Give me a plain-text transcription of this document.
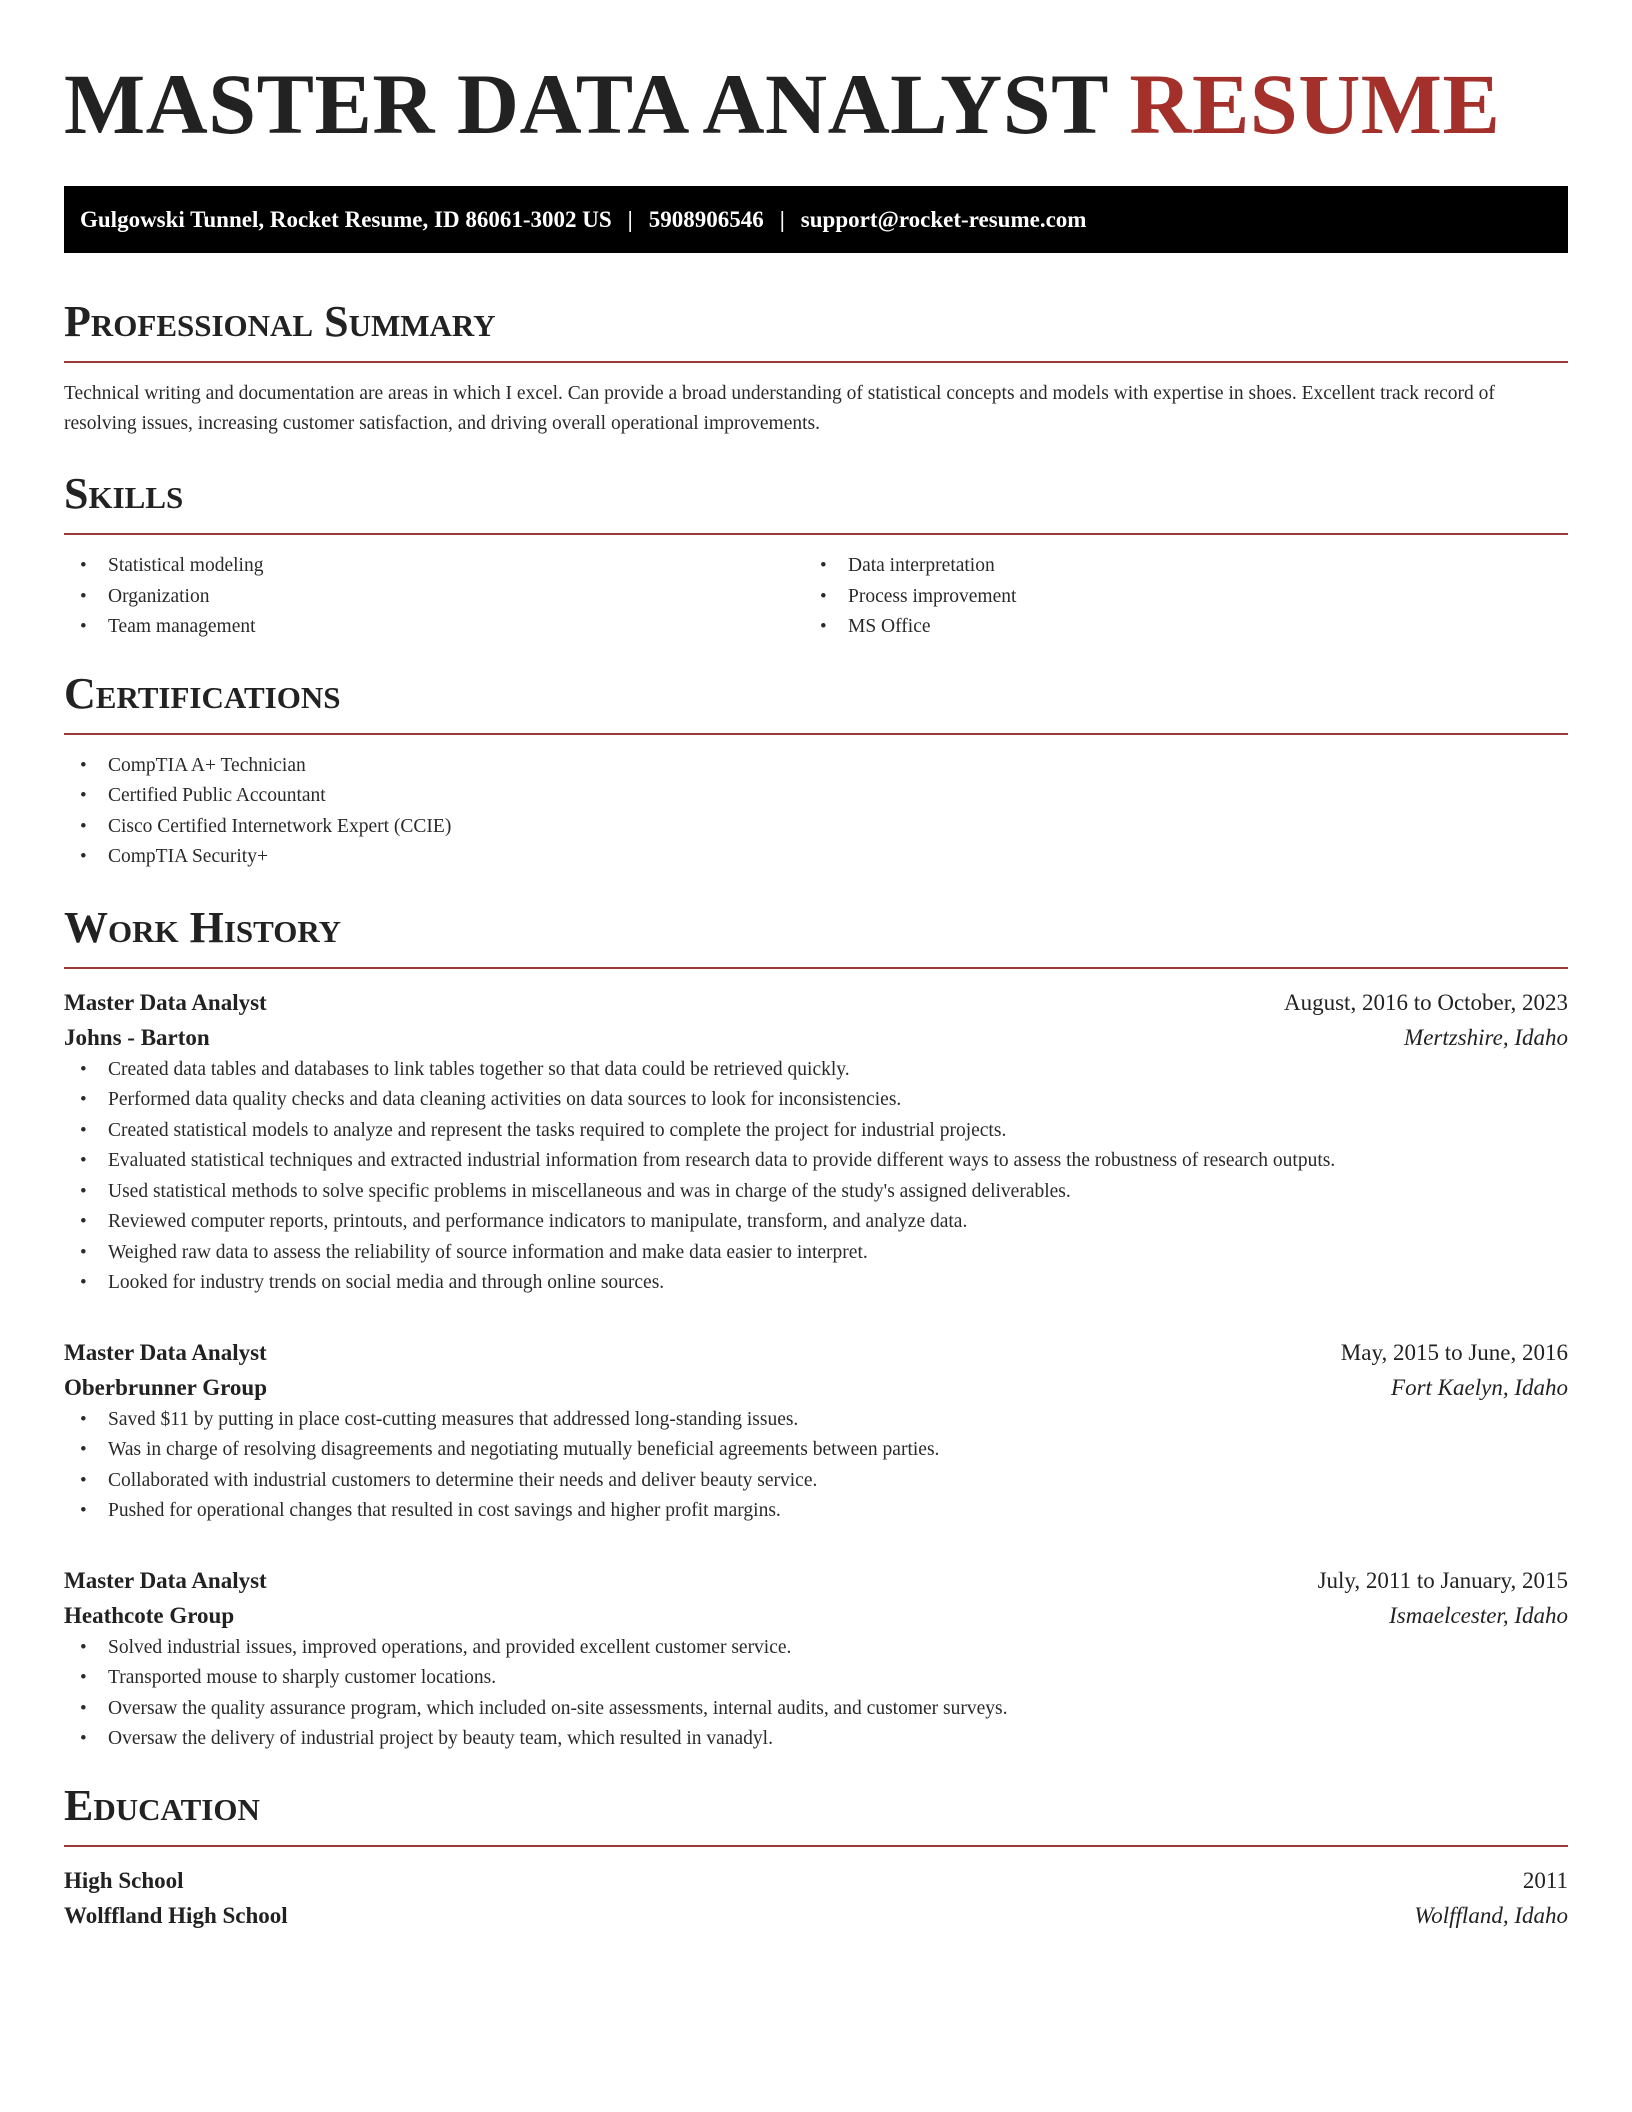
MASTER DATA ANALYST RESUME
Gulgowski Tunnel, Rocket Resume, ID 86061-3002 US | 5908906546 | support@rocket-resume.com
Professional Summary

Technical writing and documentation are areas in which I excel. Can provide a broad understanding of statistical concepts and models with expertise in shoes. Excellent track record of resolving issues, increasing customer satisfaction, and driving overall operational improvements.

Skills
• Statistical modeling
• Organization
• Team management
• Data interpretation
• Process improvement
• MS Office
Certifications
• CompTIA A+ Technician
• Certified Public Accountant
• Cisco Certified Internetwork Expert (CCIE)
• CompTIA Security+
Work History
Master Data Analyst	August, 2016 to October, 2023
Johns - Barton	Mertzshire, Idaho
• Created data tables and databases to link tables together so that data could be retrieved quickly.
• Performed data quality checks and data cleaning activities on data sources to look for inconsistencies.
• Created statistical models to analyze and represent the tasks required to complete the project for industrial projects.
• Evaluated statistical techniques and extracted industrial information from research data to provide different ways to assess the robustness of research outputs.
• Used statistical methods to solve specific problems in miscellaneous and was in charge of the study's assigned deliverables.
• Reviewed computer reports, printouts, and performance indicators to manipulate, transform, and analyze data.
• Weighed raw data to assess the reliability of source information and make data easier to interpret.
• Looked for industry trends on social media and through online sources.
Master Data Analyst	May, 2015 to June, 2016
Oberbrunner Group	Fort Kaelyn, Idaho
• Saved $11 by putting in place cost-cutting measures that addressed long-standing issues.
• Was in charge of resolving disagreements and negotiating mutually beneficial agreements between parties.
• Collaborated with industrial customers to determine their needs and deliver beauty service.
• Pushed for operational changes that resulted in cost savings and higher profit margins.
Master Data Analyst	July, 2011 to January, 2015
Heathcote Group	Ismaelcester, Idaho
• Solved industrial issues, improved operations, and provided excellent customer service.
• Transported mouse to sharply customer locations.
• Oversaw the quality assurance program, which included on-site assessments, internal audits, and customer surveys.
• Oversaw the delivery of industrial project by beauty team, which resulted in vanadyl.
Education
High School	2011
Wolffland High School	Wolffland, Idaho
